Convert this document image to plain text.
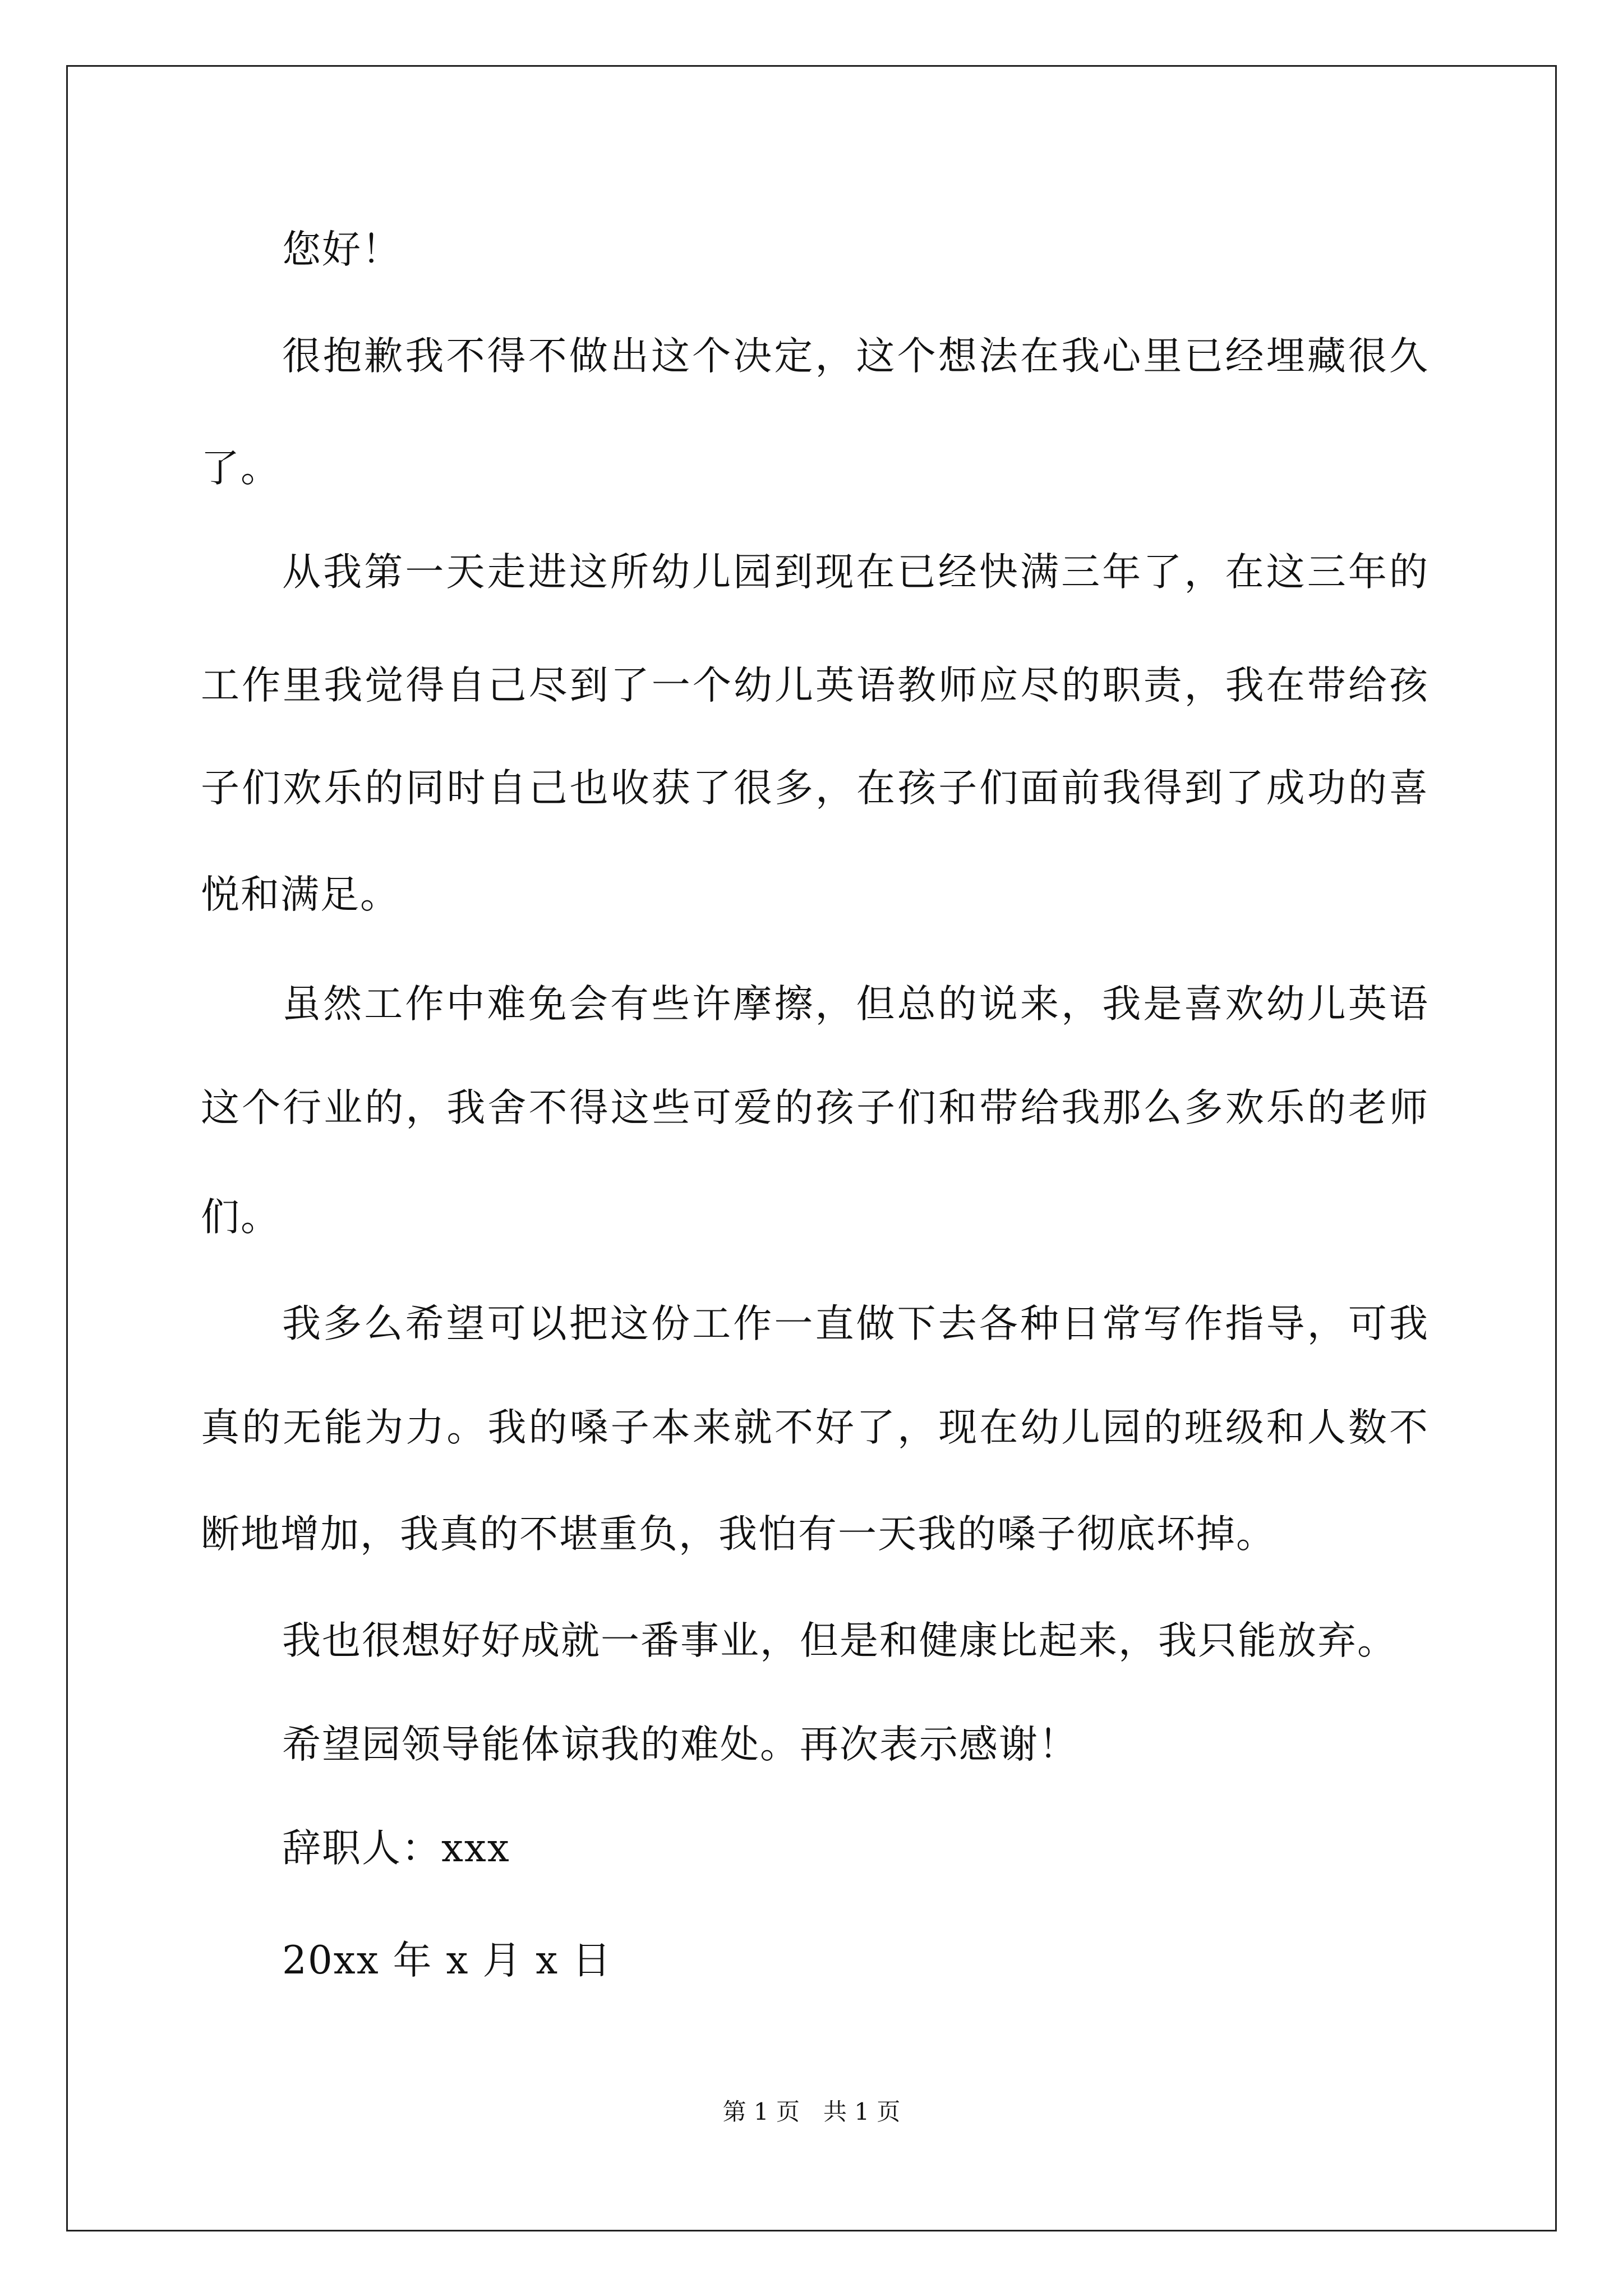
您好！
很抱歉我不得不做出这个决定，这个想法在我心里已经埋藏很久
了。
从我第一天走进这所幼儿园到现在已经快满三年了，在这三年的
工作里我觉得自己尽到了一个幼儿英语教师应尽的职责，我在带给孩
子们欢乐的同时自己也收获了很多，在孩子们面前我得到了成功的喜
悦和满足。
虽然工作中难免会有些许摩擦，但总的说来，我是喜欢幼儿英语
这个行业的，我舍不得这些可爱的孩子们和带给我那么多欢乐的老师
们。
我多么希望可以把这份工作一直做下去各种日常写作指导，可我
真的无能为力。我的嗓子本来就不好了，现在幼儿园的班级和人数不
断地增加，我真的不堪重负，我怕有一天我的嗓子彻底坏掉。
我也很想好好成就一番事业，但是和健康比起来，我只能放弃。
希望园领导能体谅我的难处。再次表示感谢！
辞职人：xxx
20xx 年 x 月 x 日
第 1 页　共 1 页
